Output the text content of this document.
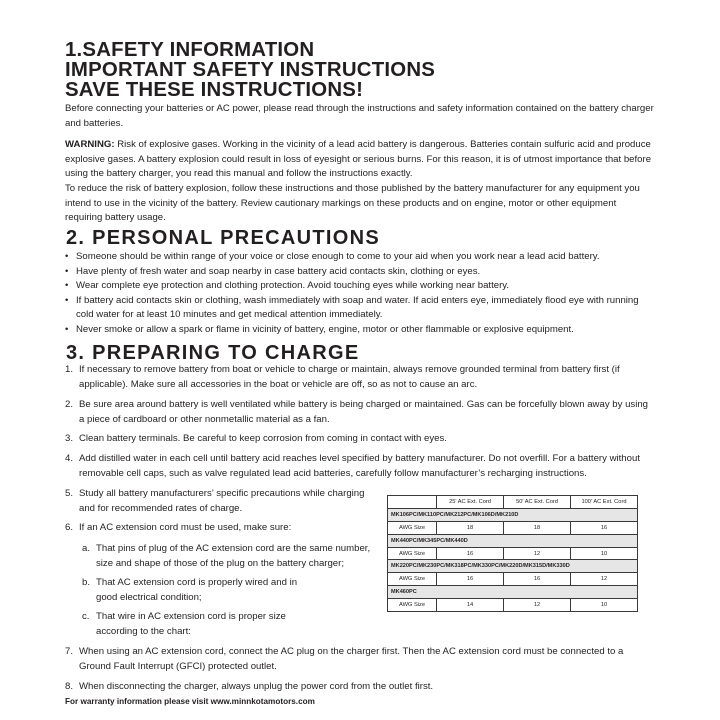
1.SAFETY INFORMATION
IMPORTANT SAFETY INSTRUCTIONS
SAVE THESE INSTRUCTIONS!

Before connecting your batteries or AC power, please read through the instructions and safety information contained on the battery charger and batteries.

WARNING: Risk of explosive gases. Working in the vicinity of a lead acid battery is dangerous. Batteries contain sulfuric acid and produce explosive gases. A battery explosion could result in loss of eyesight or serious burns. For this reason, it is of utmost importance that before using the battery charger, you read this manual and follow the instructions exactly.

To reduce the risk of battery explosion, follow these instructions and those published by the battery manufacturer for any equipment you intend to use in the vicinity of the battery. Review cautionary markings on these products and on engine, motor or other equipment requiring battery usage.

2. PERSONAL PRECAUTIONS
• Someone should be within range of your voice or close enough to come to your aid when you work near a lead acid battery.
• Have plenty of fresh water and soap nearby in case battery acid contacts skin, clothing or eyes.
• Wear complete eye protection and clothing protection. Avoid touching eyes while working near battery.
• If battery acid contacts skin or clothing, wash immediately with soap and water. If acid enters eye, immediately flood eye with running cold water for at least 10 minutes and get medical attention immediately.
• Never smoke or allow a spark or flame in vicinity of battery, engine, motor or other flammable or explosive equipment.
3. PREPARING TO CHARGE
1. If necessary to remove battery from boat or vehicle to charge or maintain, always remove grounded terminal from battery first (if applicable). Make sure all accessories in the boat or vehicle are off, so as not to cause an arc.
2. Be sure area around battery is well ventilated while battery is being charged or maintained. Gas can be forcefully blown away by using a piece of cardboard or other nonmetallic material as a fan.
3. Clean battery terminals. Be careful to keep corrosion from coming in contact with eyes.
4. Add distilled water in each cell until battery acid reaches level specified by battery manufacturer. Do not overfill. For a battery without removable cell caps, such as valve regulated lead acid batteries, carefully follow manufacturer’s recharging instructions.
5. Study all battery manufacturers’ specific precautions while charging and for recommended rates of charge.
6. If an AC extension cord must be used, make sure:
a. That pins of plug of the AC extension cord are the same number, size and shape of those of the plug on the battery charger;
b. That AC extension cord is properly wired and in good electrical condition;
c. That wire in AC extension cord is proper size according to the chart:
7. When using an AC extension cord, connect the AC plug on the charger first. Then the AC extension cord must be connected to a Ground Fault Interrupt (GFCI) protected outlet.
8. When disconnecting the charger, always unplug the power cord from the outlet first.
	25' AC Ext. Cord	50' AC Ext. Cord	100' AC Ext. Cord
MK106PC/MK110PC/MK212PC/MK106D/MK210D			
AWG Size	18	18	16
MK440PC/MK345PC/MK440D			
AWG Size	16	12	10
MK220PC/MK230PC/MK318PC/MK330PC/MK220D/MK315D/MK330D			
AWG Size	16	16	12
MK460PC			
AWG Size	14	12	10
For warranty information please visit www.minnkotamotors.com
